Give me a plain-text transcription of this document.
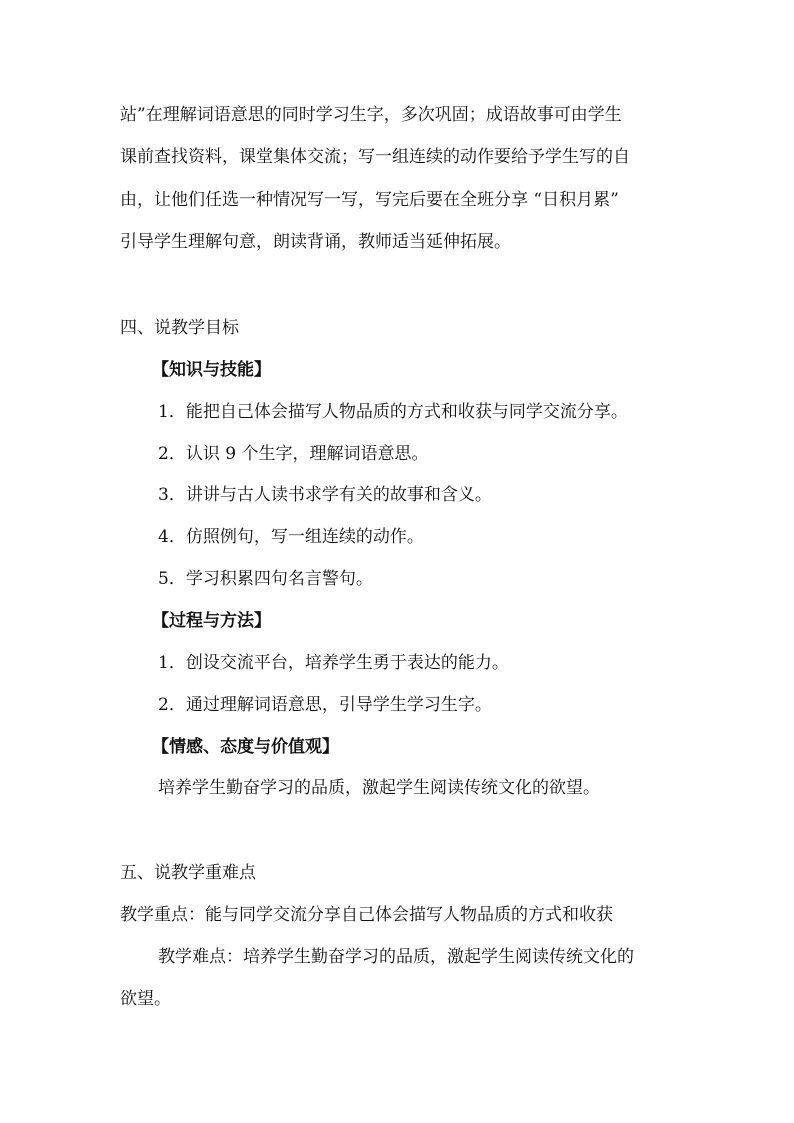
站”在理解词语意思的同时学习生字，多次巩固；成语故事可由学生
课前查找资料，课堂集体交流；写一组连续的动作要给予学生写的自
由，让他们任选一种情况写一写，写完后要在全班分享 “日积月累”
引导学生理解句意，朗读背诵，教师适当延伸拓展。
四、说教学目标
【知识与技能】
1．能把自己体会描写人物品质的方式和收获与同学交流分享。
2．认识 9 个生字，理解词语意思。
3．讲讲与古人读书求学有关的故事和含义。
4．仿照例句，写一组连续的动作。
5．学习积累四句名言警句。
【过程与方法】
1．创设交流平台，培养学生勇于表达的能力。
2．通过理解词语意思，引导学生学习生字。
【情感、态度与价值观】
培养学生勤奋学习的品质，激起学生阅读传统文化的欲望。
五、说教学重难点
教学重点：能与同学交流分享自己体会描写人物品质的方式和收获
教学难点：培养学生勤奋学习的品质，激起学生阅读传统文化的
欲望。
